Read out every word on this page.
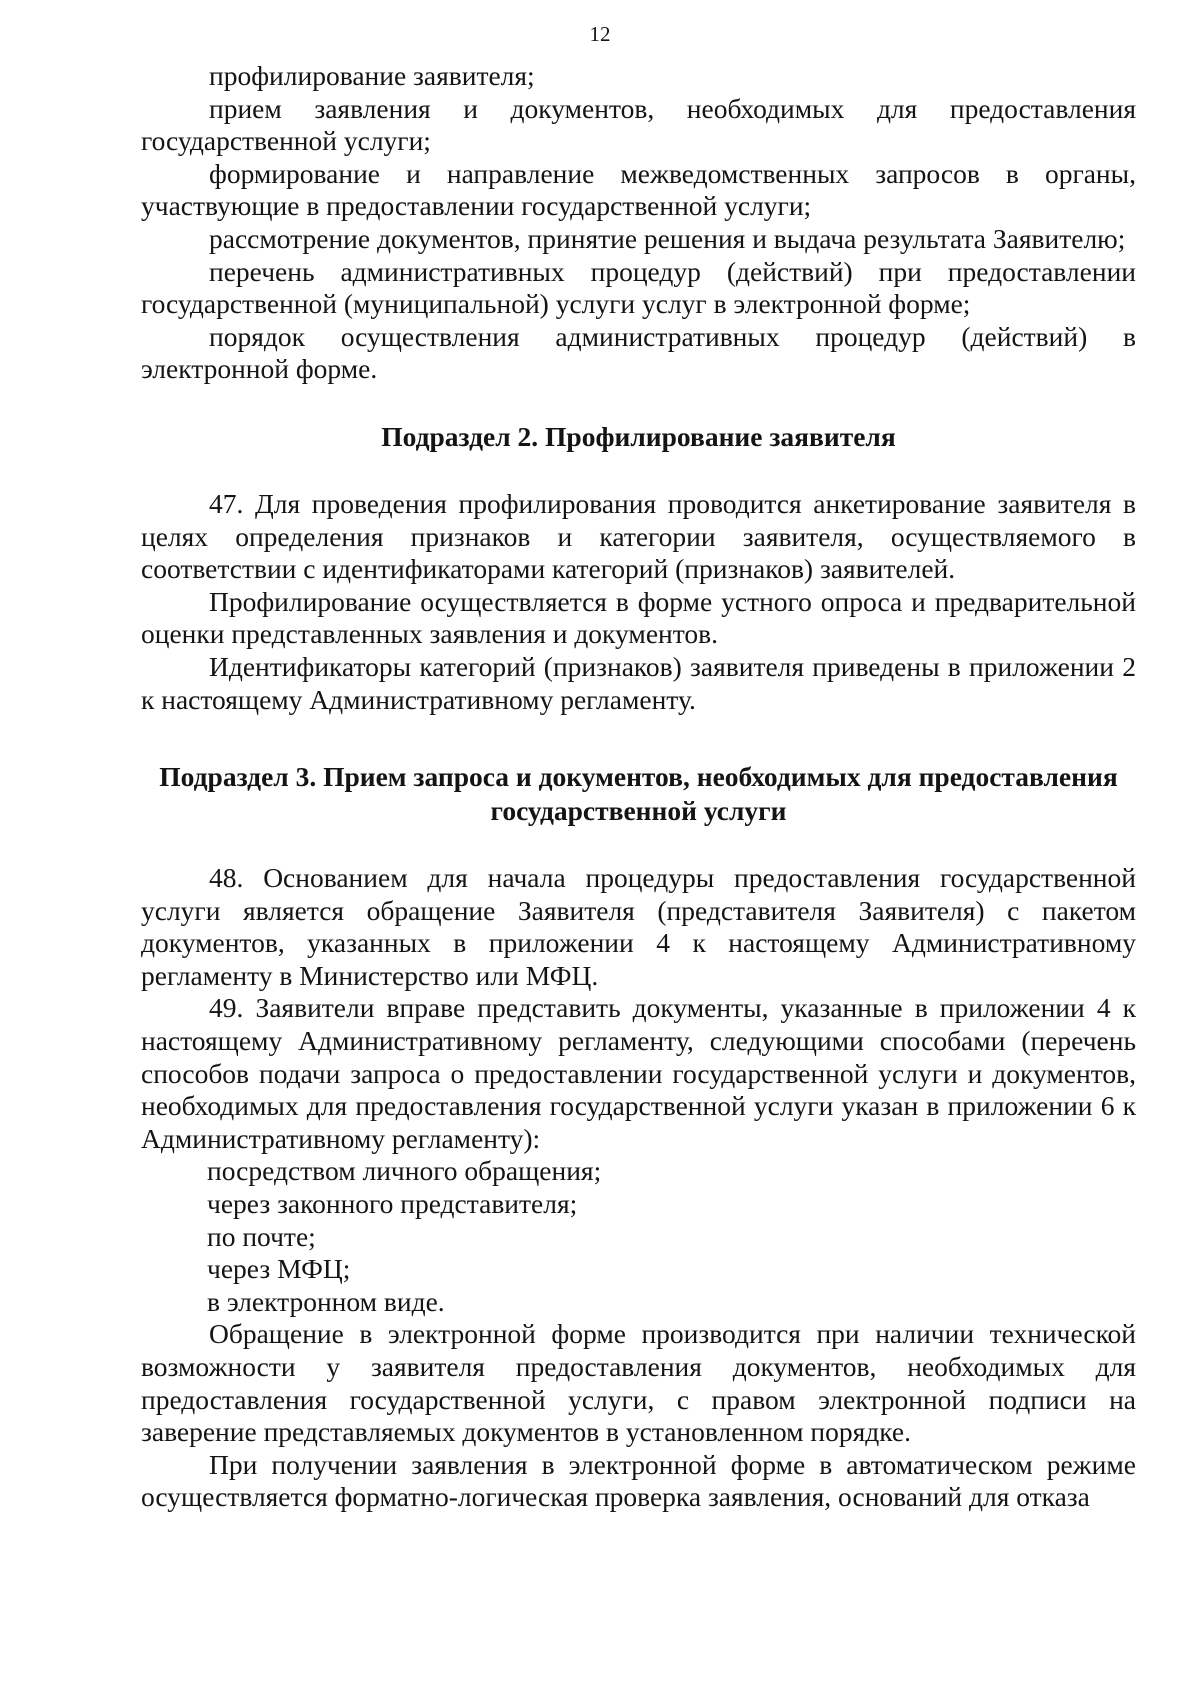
12

профилирование заявителя;

прием заявления и документов, необходимых для предоставления государственной услуги;

формирование и направление межведомственных запросов в органы, участвующие в предоставлении государственной услуги;

рассмотрение документов, принятие решения и выдача результата Заявителю;

перечень административных процедур (действий) при предоставлении государственной (муниципальной) услуги услуг в электронной форме;

порядок осуществления административных процедур (действий) в электронной форме.

Подраздел 2. Профилирование заявителя

47. Для проведения профилирования проводится анкетирование заявителя в целях определения признаков и категории заявителя, осуществляемого в соответствии с идентификаторами категорий (признаков) заявителей.

Профилирование осуществляется в форме устного опроса и предварительной оценки представленных заявления и документов.

Идентификаторы категорий (признаков) заявителя приведены в приложении 2 к настоящему Административному регламенту.

Подраздел 3. Прием запроса и документов, необходимых для предоставления государственной услуги

48. Основанием для начала процедуры предоставления государственной услуги является обращение Заявителя (представителя Заявителя) с пакетом документов, указанных в приложении 4 к настоящему Административному регламенту в Министерство или МФЦ.

49. Заявители вправе представить документы, указанные в приложении 4 к настоящему Административному регламенту, следующими способами (перечень способов подачи запроса о предоставлении государственной услуги и документов, необходимых для предоставления государственной услуги указан в приложении 6 к Административному регламенту):

посредством личного обращения;

через законного представителя;

по почте;

через МФЦ;

в электронном виде.

Обращение в электронной форме производится при наличии технической возможности у заявителя предоставления документов, необходимых для предоставления государственной услуги, с правом электронной подписи на заверение представляемых документов в установленном порядке.

При получении заявления в электронной форме в автоматическом режиме осуществляется форматно-логическая проверка заявления, оснований для отказа
